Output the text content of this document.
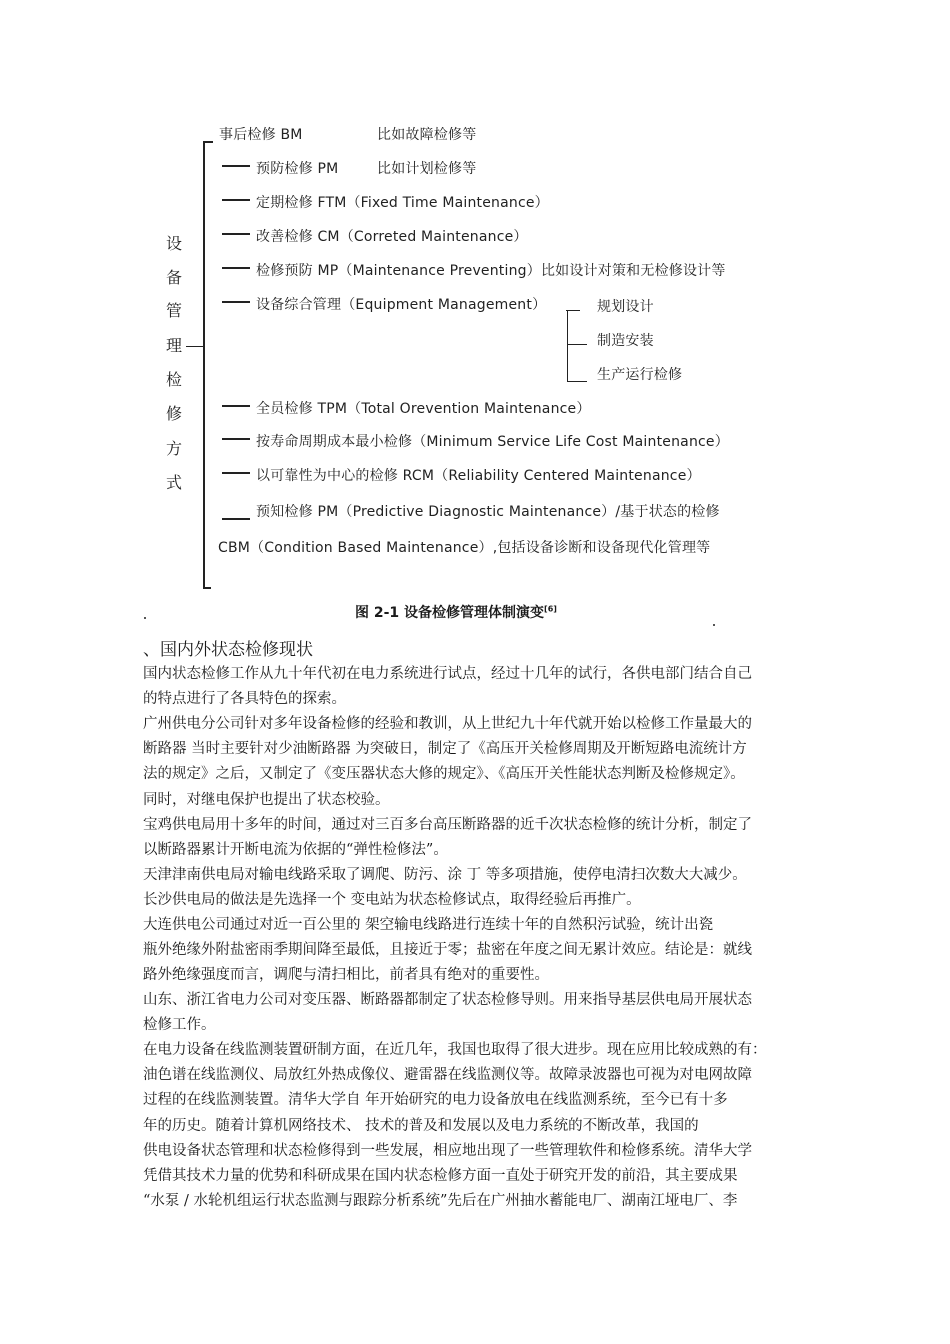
设
备
管
理
检
修
方
式
事后检修 BM	比如故障检修等
预防检修 PM	比如计划检修等
定期检修 FTM（Fixed Time Maintenance）
改善检修 CM（Correted Maintenance）
检修预防 MP（Maintenance Preventing）比如设计对策和无检修设计等
设备综合管理（Equipment Management）	规划设计
制造安装
生产运行检修
全员检修 TPM（Total Orevention Maintenance）
按寿命周期成本最小检修（Minimum Service Life Cost Maintenance）
以可靠性为中心的检修 RCM（Reliability Centered Maintenance）
预知检修 PM（Predictive Diagnostic Maintenance）/基于状态的检修
CBM（Condition Based Maintenance）,包括设备诊断和设备现代化管理等
图 2-1 设备检修管理体制演变[6]
、国内外状态检修现状
国内状态检修工作从九十年代初在电力系统进行试点，经过十几年的试行，各供电部门结合自己
的特点进行了各具特色的探索。
广州供电分公司针对多年设备检修的经验和教训，从上世纪九十年代就开始以检修工作量最大的
断路器 当时主要针对少油断路器 为突破日，制定了《高压开关检修周期及开断短路电流统计方
法的规定》之后，又制定了《变压器状态大修的规定》、《高压开关性能状态判断及检修规定》。
同时，对继电保护也提出了状态校验。
宝鸡供电局用十多年的时间，通过对三百多台高压断路器的近千次状态检修的统计分析，制定了
以断路器累计开断电流为依据的“弹性检修法”。
天津津南供电局对输电线路采取了调爬、防污、涂 丁 等多项措施，使停电清扫次数大大减少。
长沙供电局的做法是先选择一个 变电站为状态检修试点，取得经验后再推广。
大连供电公司通过对近一百公里的 架空输电线路进行连续十年的自然积污试验，统计出瓷
瓶外绝缘外附盐密雨季期间降至最低，且接近于零；盐密在年度之间无累计效应。结论是：就线
路外绝缘强度而言，调爬与清扫相比，前者具有绝对的重要性。
山东、浙江省电力公司对变压器、断路器都制定了状态检修导则。用来指导基层供电局开展状态
检修工作。
在电力设备在线监测装置研制方面，在近几年，我国也取得了很大进步。现在应用比较成熟的有：
油色谱在线监测仪、局放红外热成像仪、避雷器在线监测仪等。故障录波器也可视为对电网故障
过程的在线监测装置。清华大学自 年开始研究的电力设备放电在线监测系统，至今已有十多
年的历史。随着计算机网络技术、 技术的普及和发展以及电力系统的不断改革，我国的
供电设备状态管理和状态检修得到一些发展，相应地出现了一些管理软件和检修系统。清华大学
凭借其技术力量的优势和科研成果在国内状态检修方面一直处于研究开发的前沿，其主要成果
“水泵 / 水轮机组运行状态监测与跟踪分析系统”先后在广州抽水蓄能电厂、湖南江垭电厂、李
